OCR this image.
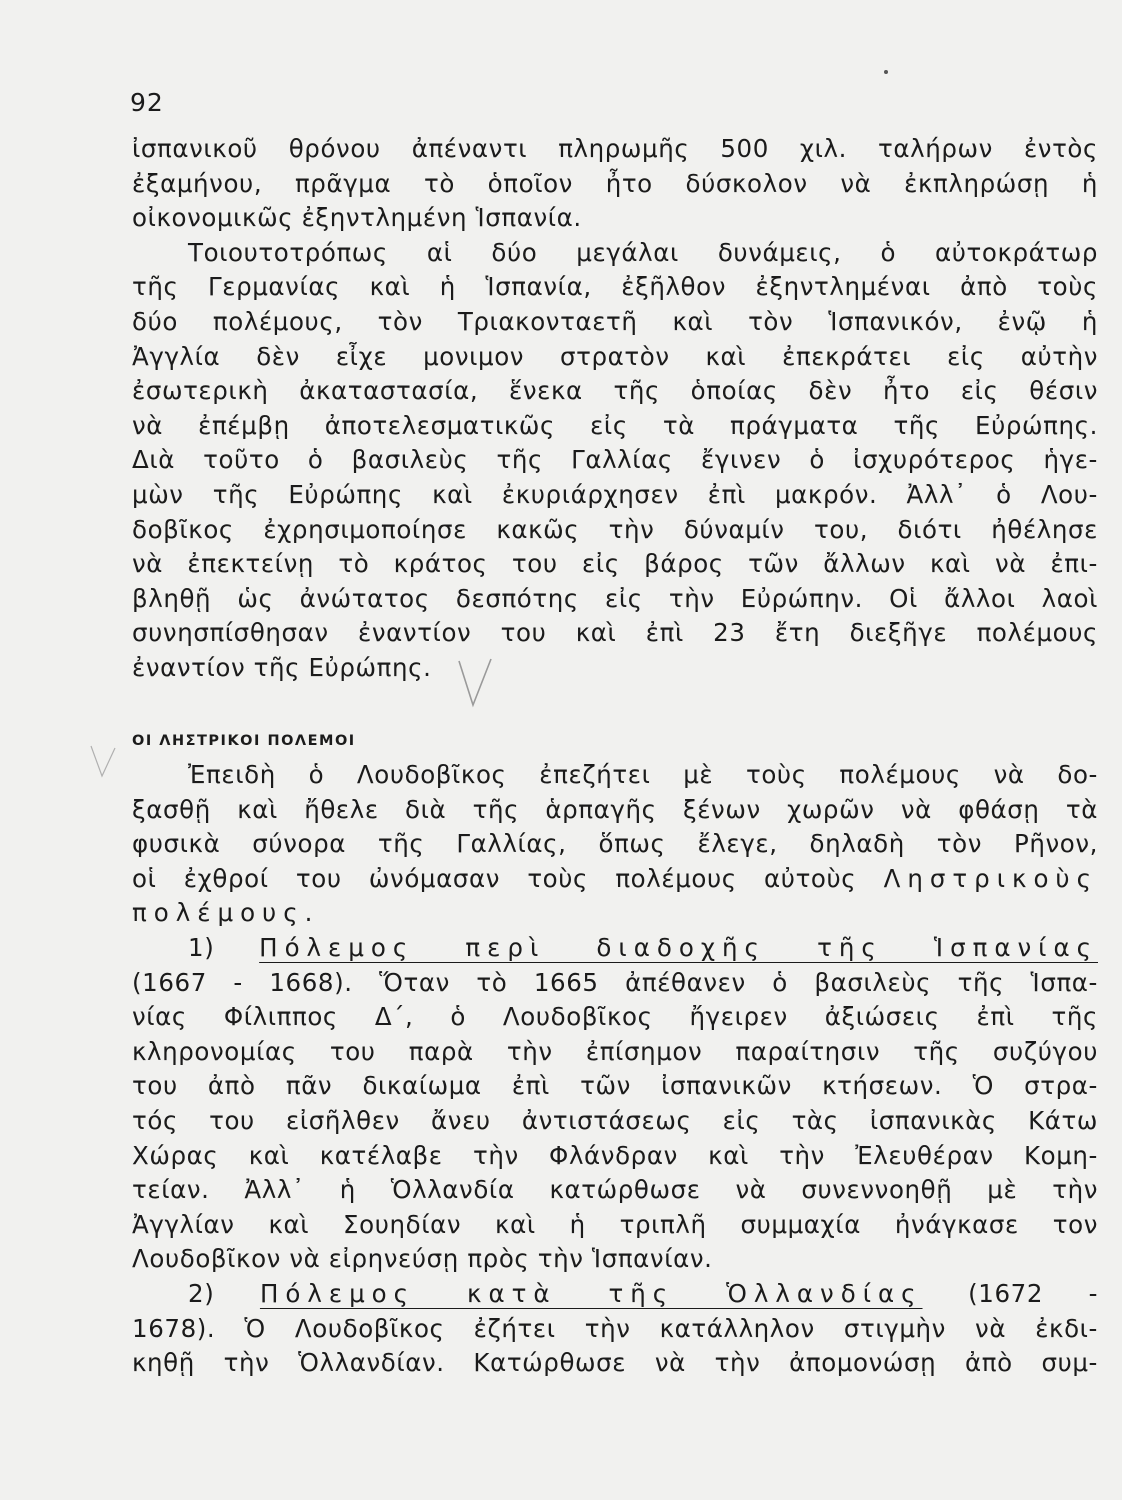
92
ἰσπανικοῦ θρόνου ἀπέναντι πληρωμῆς 500 χιλ. ταλήρων ἐντὸς
ἐξαμήνου, πρᾶγμα τὸ ὁποῖον ἦτο δύσκολον νὰ ἐκπληρώσῃ ἡ
οἰκονομικῶς ἐξηντλημένη Ἱσπανία.
Τοιουτοτρόπως αἱ δύο μεγάλαι δυνάμεις, ὁ αὐτοκράτωρ
τῆς Γερμανίας καὶ ἡ Ἱσπανία, ἐξῆλθον ἐξηντλημέναι ἀπὸ τοὺς
δύο πολέμους, τὸν Τριακονταετῆ καὶ τὸν Ἱσπανικόν, ἐνῷ ἡ
Ἀγγλία δὲν εἶχε μονιμον στρατὸν καὶ ἐπεκράτει εἰς αὐτὴν
ἐσωτερικὴ ἀκαταστασία, ἕνεκα τῆς ὁποίας δὲν ἦτο εἰς θέσιν
νὰ ἐπέμβῃ ἀποτελεσματικῶς εἰς τὰ πράγματα τῆς Εὐρώπης.
Διὰ τοῦτο ὁ βασιλεὺς τῆς Γαλλίας ἔγινεν ὁ ἰσχυρότερος ἡγε-
μὼν τῆς Εὐρώπης καὶ ἐκυριάρχησεν ἐπὶ μακρόν. Ἀλλ᾿ ὁ Λου-
δοβῖκος ἐχρησιμοποίησε κακῶς τὴν δύναμίν του, διότι ἠθέλησε
νὰ ἐπεκτείνῃ τὸ κράτος του εἰς βάρος τῶν ἄλλων καὶ νὰ ἐπι-
βληθῇ ὡς ἀνώτατος δεσπότης εἰς τὴν Εὐρώπην. Οἱ ἄλλοι λαοὶ
συνησπίσθησαν ἐναντίον του καὶ ἐπὶ 23 ἔτη διεξῆγε πολέμους
ἐναντίον τῆς Εὐρώπης.
ΟΙ ΛΗΣΤΡΙΚΟΙ ΠΟΛΕΜΟΙ
Ἐπειδὴ ὁ Λουδοβῖκος ἐπεζήτει μὲ τοὺς πολέμους νὰ δο-
ξασθῇ καὶ ἤθελε διὰ τῆς ἁρπαγῆς ξένων χωρῶν νὰ φθάσῃ τὰ
φυσικὰ σύνορα τῆς Γαλλίας, ὅπως ἔλεγε, δηλαδὴ τὸν Ρῆνον,
οἱ ἐχθροί του ὠνόμασαν τοὺς πολέμους αὐτοὺς Ληστρικοὺς
πολέμους.
1) Πόλεμος περὶ διαδοχῆς τῆς Ἱσπανίας
(1667 - 1668). Ὅταν τὸ 1665 ἀπέθανεν ὁ βασιλεὺς τῆς Ἱσπα-
νίας Φίλιππος Δ΄, ὁ Λουδοβῖκος ἤγειρεν ἀξιώσεις ἐπὶ τῆς
κληρονομίας του παρὰ τὴν ἐπίσημον παραίτησιν τῆς συζύγου
του ἀπὸ πᾶν δικαίωμα ἐπὶ τῶν ἰσπανικῶν κτήσεων. Ὁ στρα-
τός του εἰσῆλθεν ἄνευ ἀντιστάσεως εἰς τὰς ἰσπανικὰς Κάτω
Χώρας καὶ κατέλαβε τὴν Φλάνδραν καὶ τὴν Ἐλευθέραν Κομη-
τείαν. Ἀλλ᾿ ἡ Ὁλλανδία κατώρθωσε νὰ συνεννοηθῇ μὲ τὴν
Ἀγγλίαν καὶ Σουηδίαν καὶ ἡ τριπλῆ συμμαχία ἠνάγκασε τον
Λουδοβῖκον νὰ εἰρηνεύσῃ πρὸς τὴν Ἱσπανίαν.
2) Πόλεμος κατὰ τῆς Ὁλλανδίας (1672 -
1678). Ὁ Λουδοβῖκος ἐζήτει τὴν κατάλληλον στιγμὴν νὰ ἐκδι-
κηθῇ τὴν Ὁλλανδίαν. Κατώρθωσε νὰ τὴν ἀπομονώσῃ ἀπὸ συμ-
